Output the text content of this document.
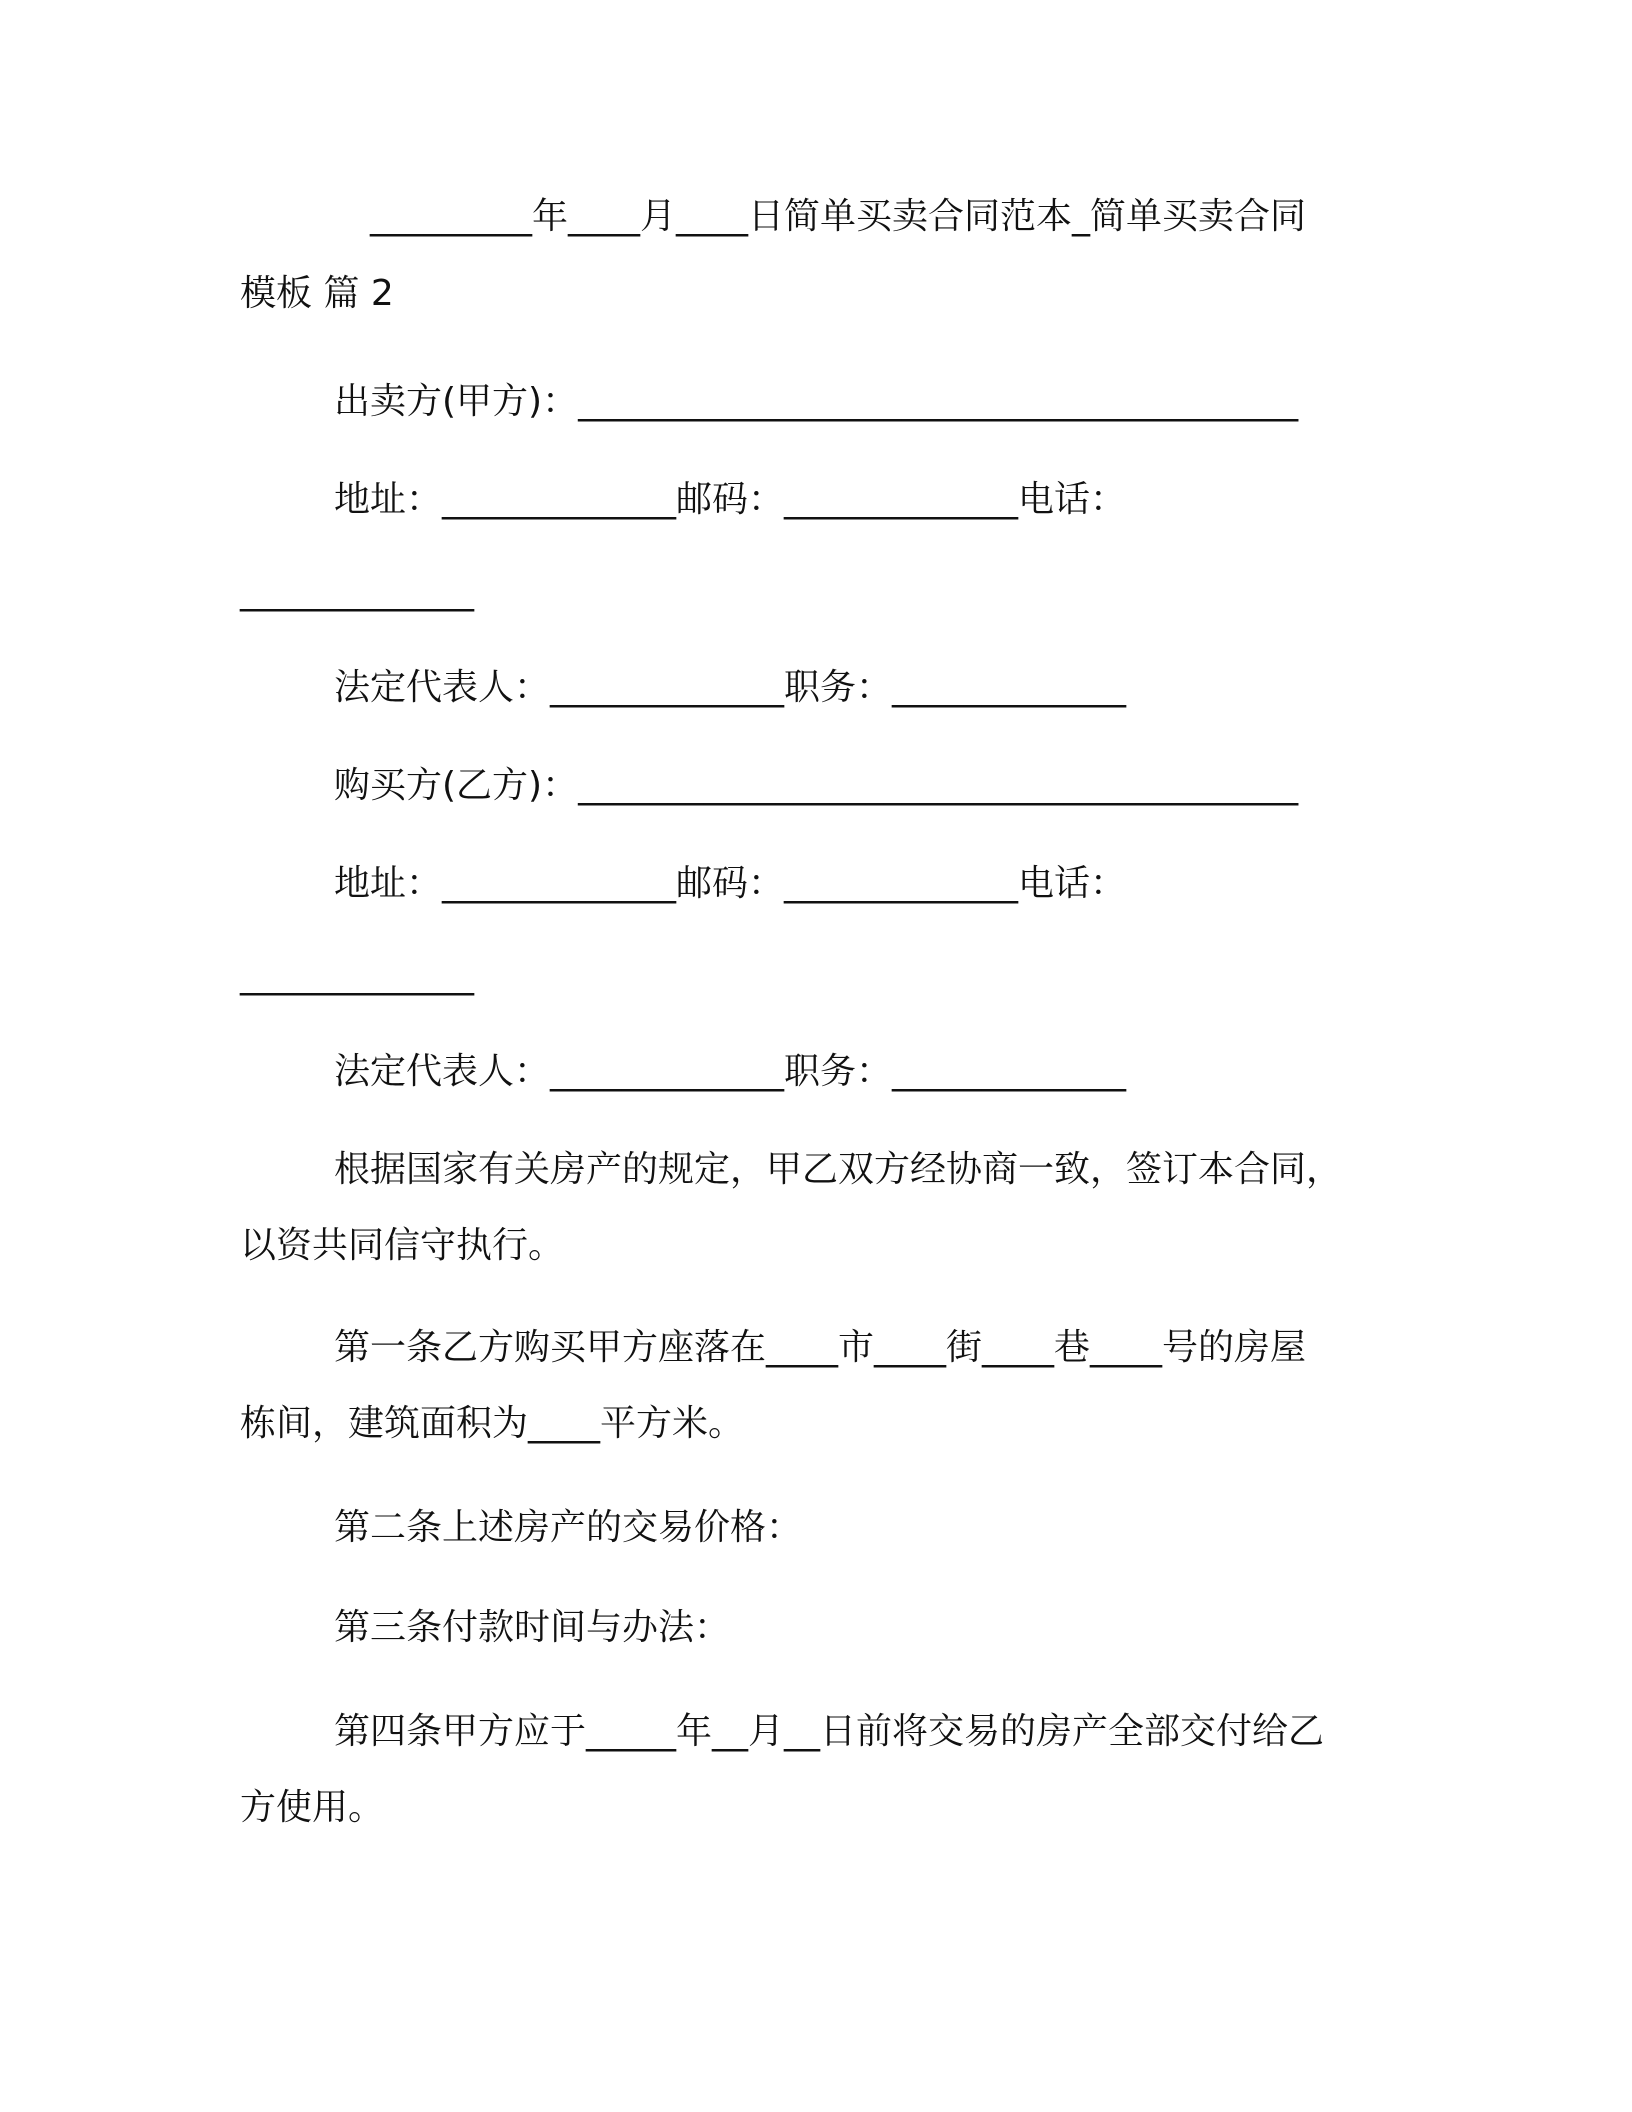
_________年____月____日简单买卖合同范本_简单买卖合同
模板 篇 2
出卖方(甲方)：________________________________________
地址：_____________邮码：_____________电话：
_____________
法定代表人：_____________职务：_____________
购买方(乙方)：________________________________________
地址：_____________邮码：_____________电话：
_____________
法定代表人：_____________职务：_____________
根据国家有关房产的规定，甲乙双方经协商一致，签订本合同，
以资共同信守执行。
第一条乙方购买甲方座落在____市____街____巷____号的房屋
栋间，建筑面积为____平方米。
第二条上述房产的交易价格：
第三条付款时间与办法：
第四条甲方应于_____年__月__日前将交易的房产全部交付给乙
方使用。
